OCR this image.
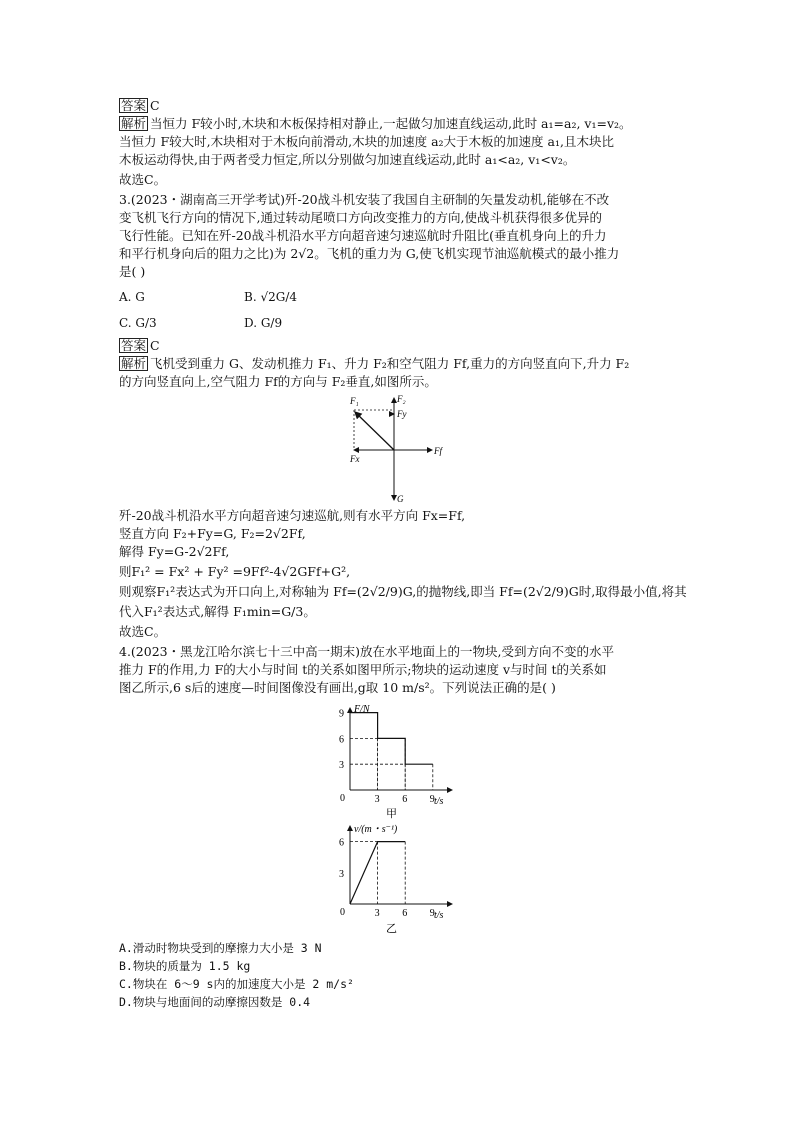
答案 C
解析 当恒力 F较小时,木块和木板保持相对静止,一起做匀加速直线运动,此时 a₁=a₂, v₁=v₂。
当恒力 F较大时,木块相对于木板向前滑动,木块的加速度 a₂大于木板的加速度 a₁,且木块比
木板运动得快,由于两者受力恒定,所以分别做匀加速直线运动,此时 a₁<a₂, v₁<v₂。
故选C。
3.(2023・湖南高三开学考试)歼-20战斗机安装了我国自主研制的矢量发动机,能够在不改
变飞机飞行方向的情况下,通过转动尾喷口方向改变推力的方向,使战斗机获得很多优异的
飞行性能。已知在歼-20战斗机沿水平方向超音速匀速巡航时升阻比(垂直机身向上的升力
和平行机身向后的阻力之比)为 2√2。飞机的重力为 G,使飞机实现节油巡航模式的最小推力
是( )
A. G	B. √2G/4
C. G/3	D. G/9
答案 C
解析 飞机受到重力 G、发动机推力 F₁、升力 F₂和空气阻力 Ff,重力的方向竖直向下,升力 F₂
的方向竖直向上,空气阻力 Ff的方向与 F₂垂直,如图所示。
F₁	F₂
Fy
Fx
Ff
G
歼-20战斗机沿水平方向超音速匀速巡航,则有水平方向 Fx=Ff,
竖直方向 F₂+Fy=G, F₂=2√2Ff,
解得 Fy=G-2√2Ff,
则F₁² = Fx² + Fy² =9Ff²-4√2GFf+G²,
则观察F₁²表达式为开口向上,对称轴为 Ff=(2√2/9)G,的抛物线,即当 Ff=(2√2/9)G时,取得最小值,将其
代入F₁²表达式,解得 F₁min=G/3。
故选C。
4.(2023・黑龙江哈尔滨七十三中高一期末)放在水平地面上的一物块,受到方向不变的水平
推力 F的作用,力 F的大小与时间 t的关系如图甲所示;物块的运动速度 v与时间 t的关系如
图乙所示,6 s后的速度—时间图像没有画出,g取 10 m/s²。下列说法正确的是( )
F/N
t/s
0
甲
3 6 9
3
6
9
v/(m・s⁻¹)
t/s
0
乙
3 6 9
3
6
A.滑动时物块受到的摩擦力大小是 3 N
B.物块的质量为 1.5 kg
C.物块在 6～9 s内的加速度大小是 2 m/s²
D.物块与地面间的动摩擦因数是 0.4
